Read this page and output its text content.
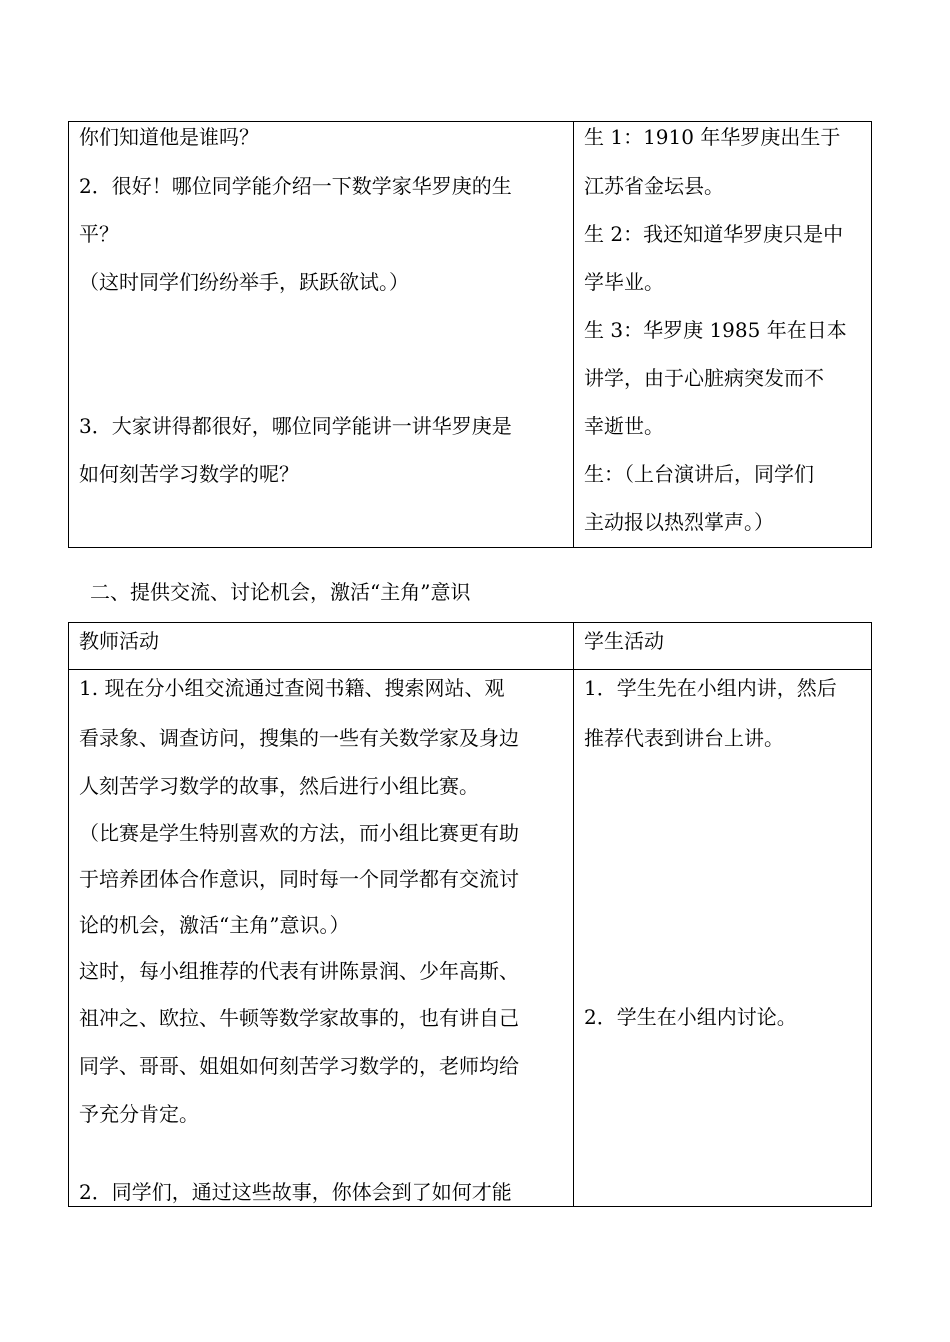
你们知道他是谁吗？
2．很好！哪位同学能介绍一下数学家华罗庚的生
平？
（这时同学们纷纷举手，跃跃欲试。）
3．大家讲得都很好，哪位同学能讲一讲华罗庚是
如何刻苦学习数学的呢？
生 1：1910 年华罗庚出生于
江苏省金坛县。
生 2：我还知道华罗庚只是中
学毕业。
生 3：华罗庚 1985 年在日本
讲学，由于心脏病突发而不
幸逝世。
生：（上台演讲后，同学们
主动报以热烈掌声。）
二、提供交流、讨论机会，激活“主角”意识
教师活动	学生活动
1. 现在分小组交流通过查阅书籍、搜索网站、观
看录象、调查访问，搜集的一些有关数学家及身边
人刻苦学习数学的故事，然后进行小组比赛。
（比赛是学生特别喜欢的方法，而小组比赛更有助
于培养团体合作意识，同时每一个同学都有交流讨
论的机会，激活“主角”意识。）
这时，每小组推荐的代表有讲陈景润、少年高斯、
祖冲之、欧拉、牛顿等数学家故事的，也有讲自己
同学、哥哥、姐姐如何刻苦学习数学的，老师均给
予充分肯定。
2．同学们，通过这些故事，你体会到了如何才能
1．学生先在小组内讲，然后
推荐代表到讲台上讲。
2．学生在小组内讨论。
